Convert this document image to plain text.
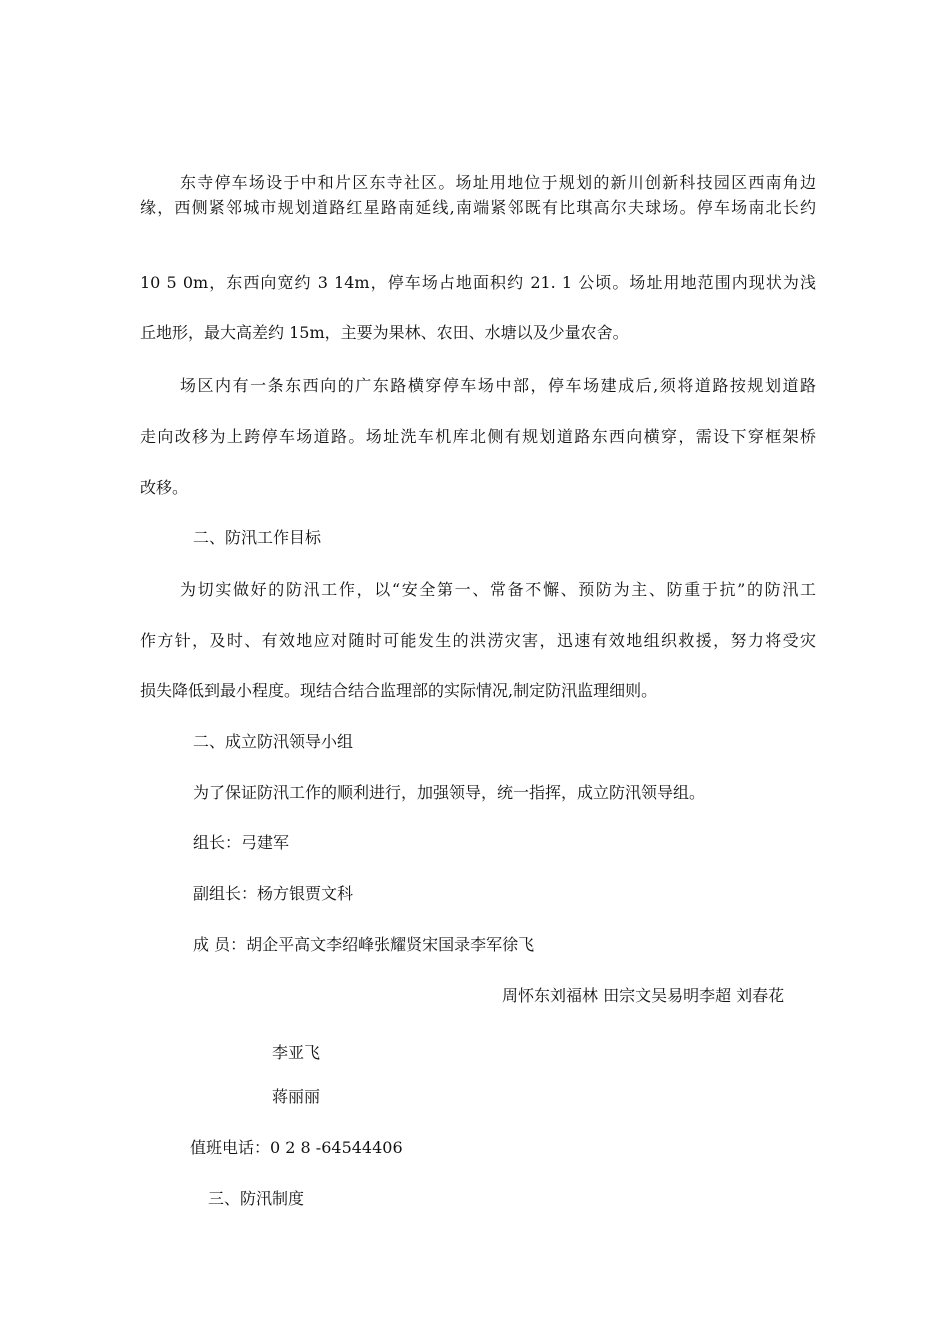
东寺停车场设于中和片区东寺社区。场址用地位于规划的新川创新科技园区西南角边
缘，西侧紧邻城市规划道路红星路南延线,南端紧邻既有比琪高尔夫球场。停车场南北长约
10 5 0m，东西向宽约 3 14m，停车场占地面积约 21. 1 公顷。场址用地范围内现状为浅
丘地形，最大高差约 15m，主要为果林、农田、水塘以及少量农舍。
场区内有一条东西向的广东路横穿停车场中部，停车场建成后,须将道路按规划道路
走向改移为上跨停车场道路。场址洗车机库北侧有规划道路东西向横穿，需设下穿框架桥
改移。
二、防汛工作目标
为切实做好的防汛工作，以“安全第一、常备不懈、预防为主、防重于抗”的防汛工
作方针，及时、有效地应对随时可能发生的洪涝灾害，迅速有效地组织救援，努力将受灾
损失降低到最小程度。现结合结合监理部的实际情况,制定防汛监理细则。
二、成立防汛领导小组
为了保证防汛工作的顺利进行，加强领导，统一指挥，成立防汛领导组。
组长：弓建军
副组长：杨方银贾文科
成 员：胡企平高文李绍峰张耀贤宋国录李军徐飞
周怀东刘福林 田宗文吴易明李超 刘春花
李亚飞
蒋丽丽
值班电话：0 2 8 -64544406
三、防汛制度
